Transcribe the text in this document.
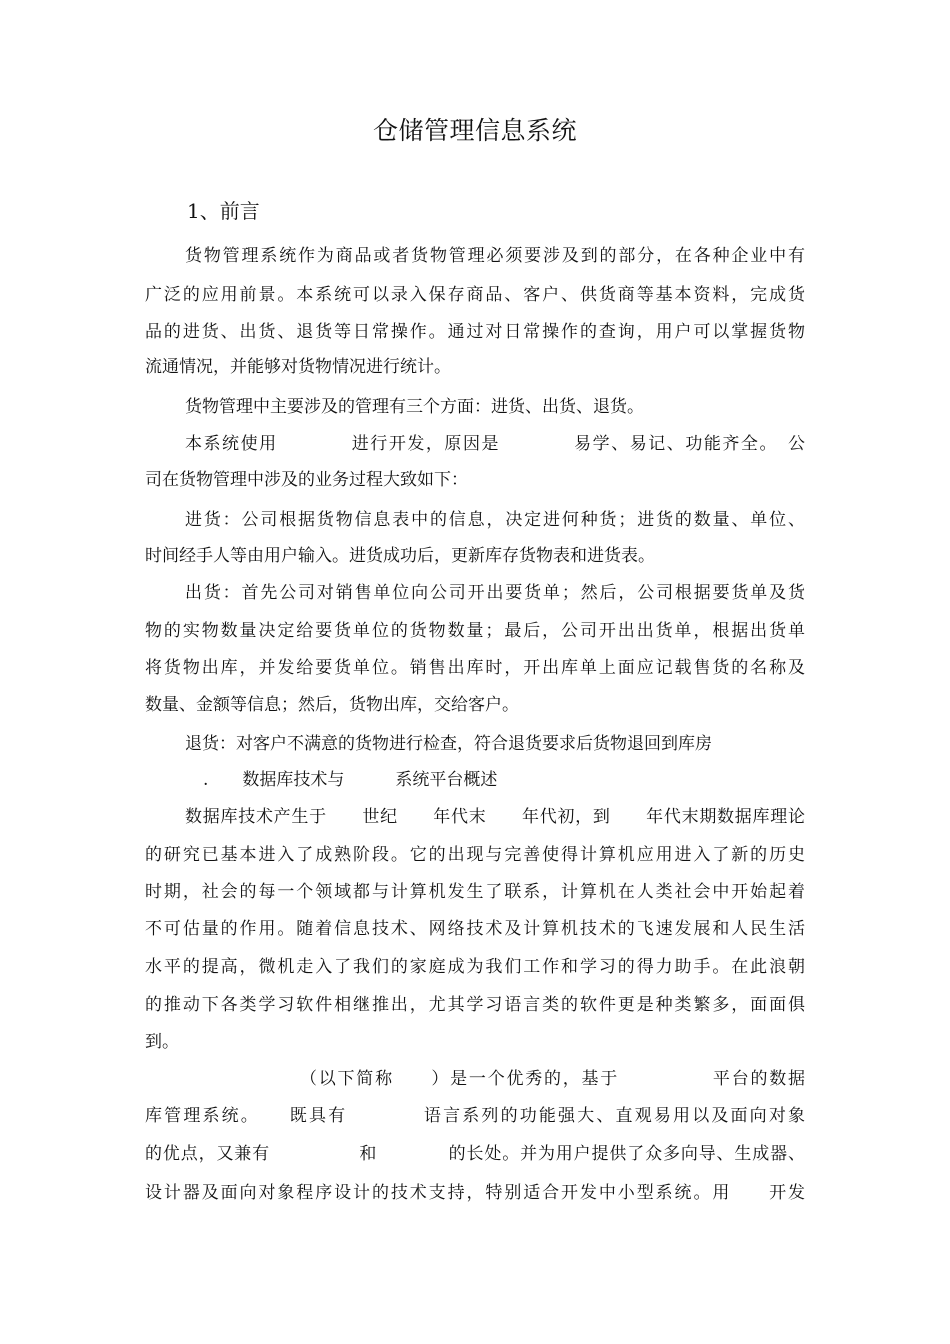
仓储管理信息系统
1、前言
货物管理系统作为商品或者货物管理必须要涉及到的部分，在各种企业中有
广泛的应用前景。本系统可以录入保存商品、客户、供货商等基本资料，完成货
品的进货、出货、退货等日常操作。通过对日常操作的查询，用户可以掌握货物
流通情况，并能够对货物情况进行统计。
货物管理中主要涉及的管理有三个方面：进货、出货、退货。
本系统使用　　　　进行开发，原因是　　　　易学、易记、功能齐全。　公
司在货物管理中涉及的业务过程大致如下：
进货：公司根据货物信息表中的信息，决定进何种货；进货的数量、单位、
时间经手人等由用户输入。进货成功后，更新库存货物表和进货表。
出货：首先公司对销售单位向公司开出要货单；然后，公司根据要货单及货
物的实物数量决定给要货单位的货物数量；最后，公司开出出货单，根据出货单
将货物出库，并发给要货单位。销售出库时，开出库单上面应记载售货的名称及
数量、金额等信息；然后，货物出库，交给客户。
退货：对客户不满意的货物进行检查，符合退货要求后货物退回到库房
.　　数据库技术与　　　系统平台概述
数据库技术产生于　　世纪　　年代末　　年代初，到　　年代末期数据库理论
的研究已基本进入了成熟阶段。它的出现与完善使得计算机应用进入了新的历史
时期，社会的每一个领域都与计算机发生了联系，计算机在人类社会中开始起着
不可估量的作用。随着信息技术、网络技术及计算机技术的飞速发展和人民生活
水平的提高，微机走入了我们的家庭成为我们工作和学习的得力助手。在此浪朝
的推动下各类学习软件相继推出，尤其学习语言类的软件更是种类繁多，面面俱
到。
（以下简称　　）是一个优秀的，基于　　　　　平台的数据
库管理系统。　　既具有　　　　语言系列的功能强大、直观易用以及面向对象
的优点，又兼有　　　　　和　　　　的长处。并为用户提供了众多向导、生成器、
设计器及面向对象程序设计的技术支持，特别适合开发中小型系统。用　　开发
